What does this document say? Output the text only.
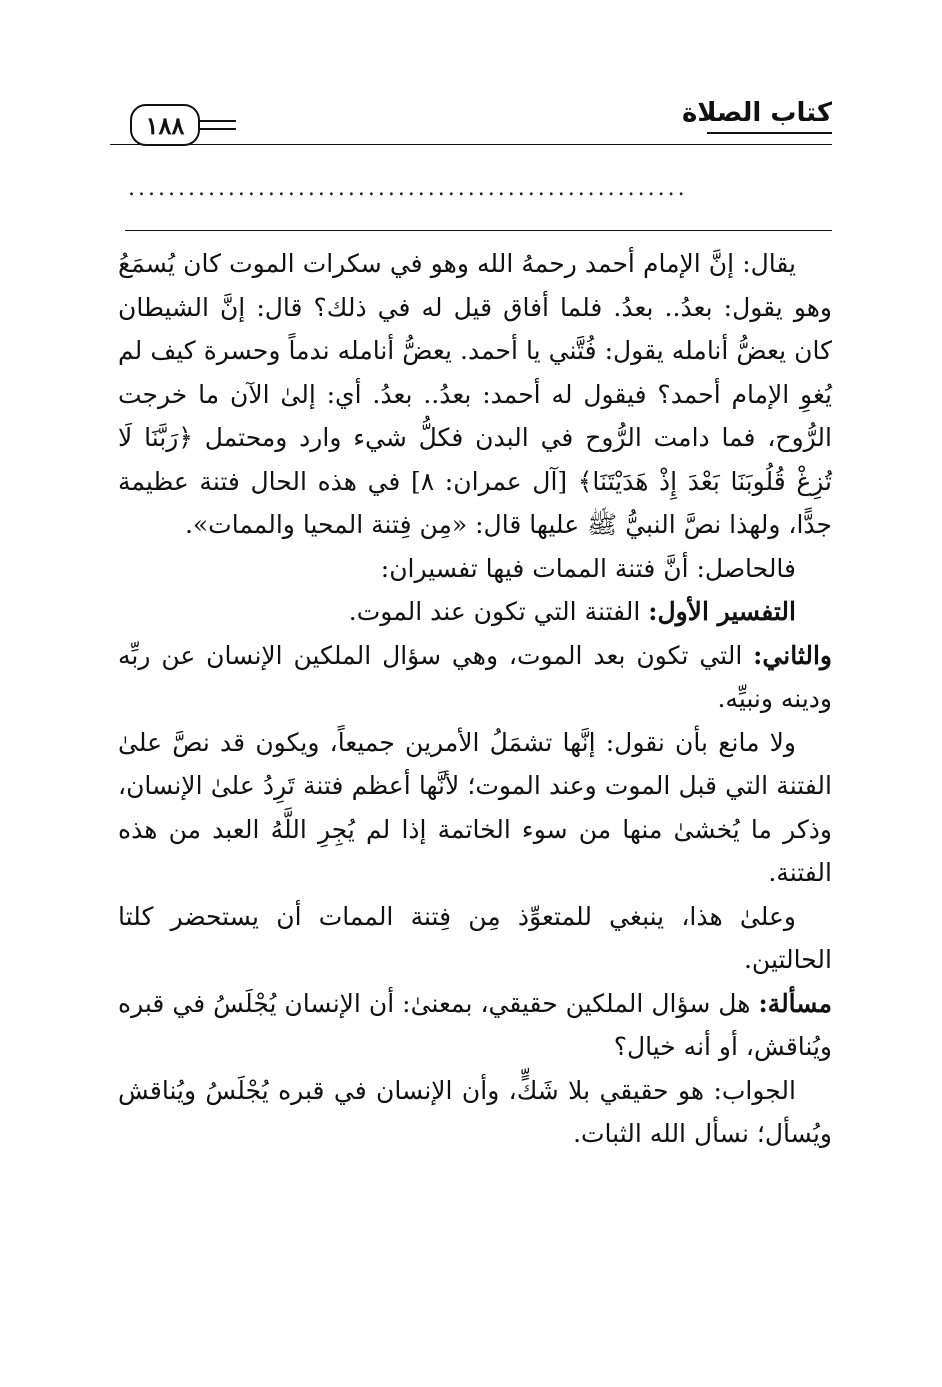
كتاب الصلاة
١٨٨
........................................................

يقال: إنَّ الإمام أحمد رحمهُ الله وهو في سكرات الموت كان يُسمَعُ وهو يقول: بعدُ.. بعدُ. فلما أفاق قيل له في ذلك؟ قال: إنَّ الشيطان كان يعضُّ أنامله يقول: فُتَّني يا أحمد. يعضُّ أنامله ندماً وحسرة كيف لم يُغوِ الإمام أحمد؟ فيقول له أحمد: بعدُ.. بعدُ. أي: إلىٰ الآن ما خرجت الرُّوح، فما دامت الرُّوح في البدن فكلُّ شيء وارد ومحتمل ﴿رَبَّنَا لَا تُزِغْ قُلُوبَنَا بَعْدَ إِذْ هَدَيْتَنَا﴾ [آل عمران: ٨] في هذه الحال فتنة عظيمة جدًّا، ولهذا نصَّ النبيُّ ﷺ عليها قال: «مِن فِتنة المحيا والممات».

فالحاصل: أنَّ فتنة الممات فيها تفسيران:

التفسير الأول: الفتنة التي تكون عند الموت.

والثاني: التي تكون بعد الموت، وهي سؤال الملكين الإنسان عن ربِّه ودينه ونبيِّه.

ولا مانع بأن نقول: إنَّها تشمَلُ الأمرين جميعاً، ويكون قد نصَّ علىٰ الفتنة التي قبل الموت وعند الموت؛ لأنَّها أعظم فتنة تَرِدُ علىٰ الإنسان، وذكر ما يُخشىٰ منها من سوء الخاتمة إذا لم يُجِرِ اللَّهُ العبد من هذه الفتنة.

وعلىٰ هذا، ينبغي للمتعوِّذ مِن فِتنة الممات أن يستحضر كلتا الحالتين.

مسألة: هل سؤال الملكين حقيقي، بمعنىٰ: أن الإنسان يُجْلَسُ في قبره ويُناقش، أو أنه خيال؟

الجواب: هو حقيقي بلا شَكٍّ، وأن الإنسان في قبره يُجْلَسُ ويُناقش ويُسأل؛ نسأل الله الثبات.
